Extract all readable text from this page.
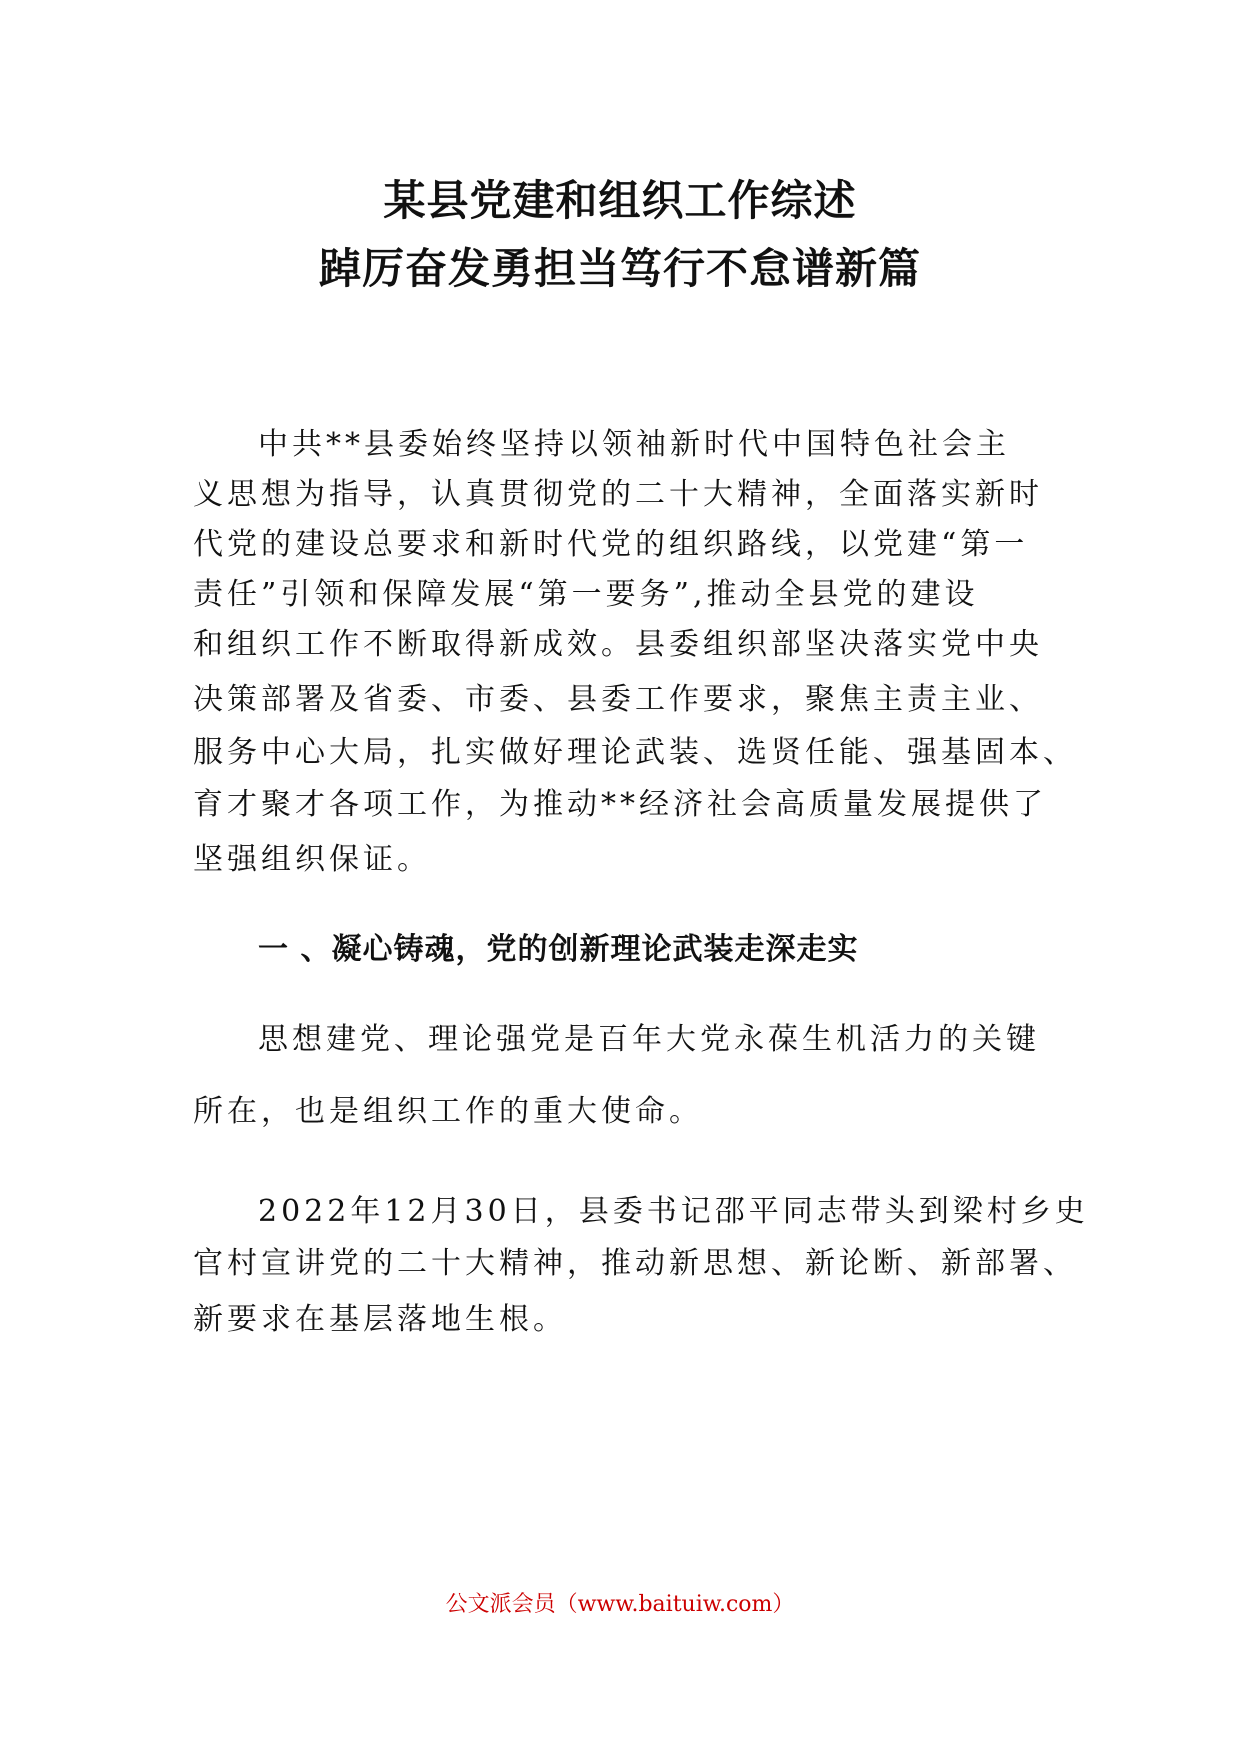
某县党建和组织工作综述
踔厉奋发勇担当笃行不怠谱新篇

中共**县委始终坚持以领袖新时代中国特色社会主

义思想为指导，认真贯彻党的二十大精神，全面落实新时

代党的建设总要求和新时代党的组织路线，以党建“第一

责任”引领和保障发展“第一要务”,推动全县党的建设

和组织工作不断取得新成效。县委组织部坚决落实党中央

决策部署及省委、市委、县委工作要求，聚焦主责主业、

服务中心大局，扎实做好理论武装、选贤任能、强基固本、

育才聚才各项工作，为推动**经济社会高质量发展提供了

坚强组织保证。

一 、凝心铸魂，党的创新理论武装走深走实

思想建党、理论强党是百年大党永葆生机活力的关键

所在，也是组织工作的重大使命。

2022年12月30日，县委书记邵平同志带头到梁村乡史

官村宣讲党的二十大精神，推动新思想、新论断、新部署、

新要求在基层落地生根。

公文派会员（www.baituiw.com）
